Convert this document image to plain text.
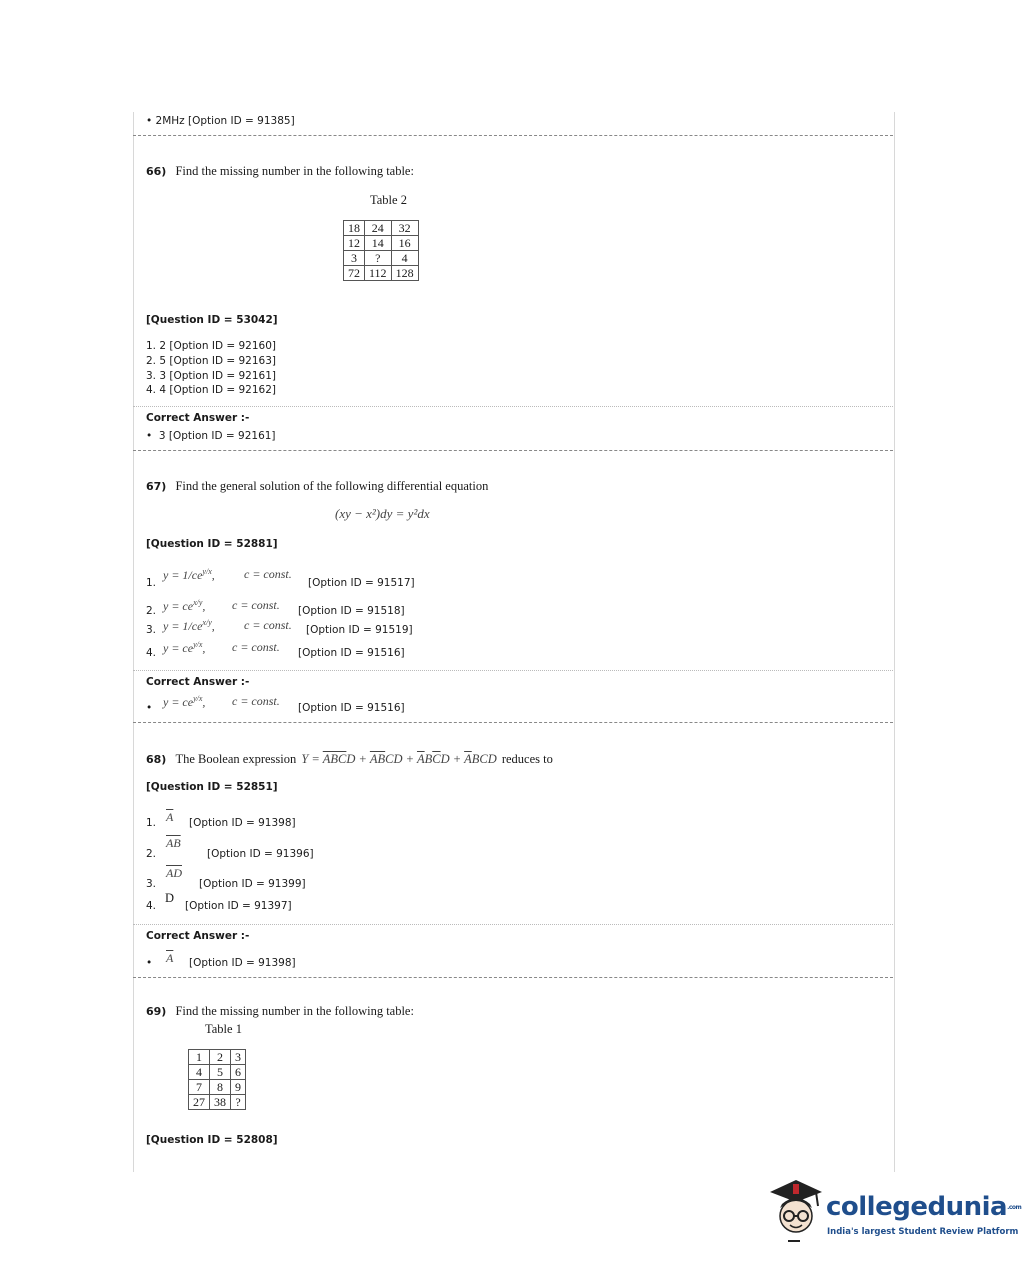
• 2MHz [Option ID = 91385]
66) Find the missing number in the following table:
Table 2
18	24	32
12	14	16
3	?	4
72	112	128
[Question ID = 53042]
1. 2 [Option ID = 92160]
2. 5 [Option ID = 92163]
3. 3 [Option ID = 92161]
4. 4 [Option ID = 92162]
Correct Answer :-
•  3 [Option ID = 92161]
67) Find the general solution of the following differential equation
(xy − x²)dy = y²dx
[Question ID = 52881]
1.
$y = 1/ce^{y/x}$, c = const.
[Option ID = 91517]
2. $y = ce^{x/y}$, c = const. [Option ID = 91518]
3. $y = 1/ce^{x/y}$, c = const. [Option ID = 91519]
4. $y = ce^{y/x}$, c = const. [Option ID = 91516]
Correct Answer :-
• $y = ce^{y/x}$, c = const. [Option ID = 91516]
68) The Boolean expression $Y = \overline{ABC}D + \overline{AB}CD + \overline{A}B\overline{C}D + \overline{A}BCD$ reduces to
[Question ID = 52851]
1. $\overline{A}$ [Option ID = 91398]
2.
$\overline{AB}$
[Option ID = 91396]
3.
$\overline{AD}$
[Option ID = 91399]
4.
D
[Option ID = 91397]
Correct Answer :-
• $\overline{A}$ [Option ID = 91398]
69) Find the missing number in the following table:
Table 1
1	2	3
4	5	6
7	8	9
27	38	?
[Question ID = 52808]
collegedunia.com
India's largest Student Review Platform
